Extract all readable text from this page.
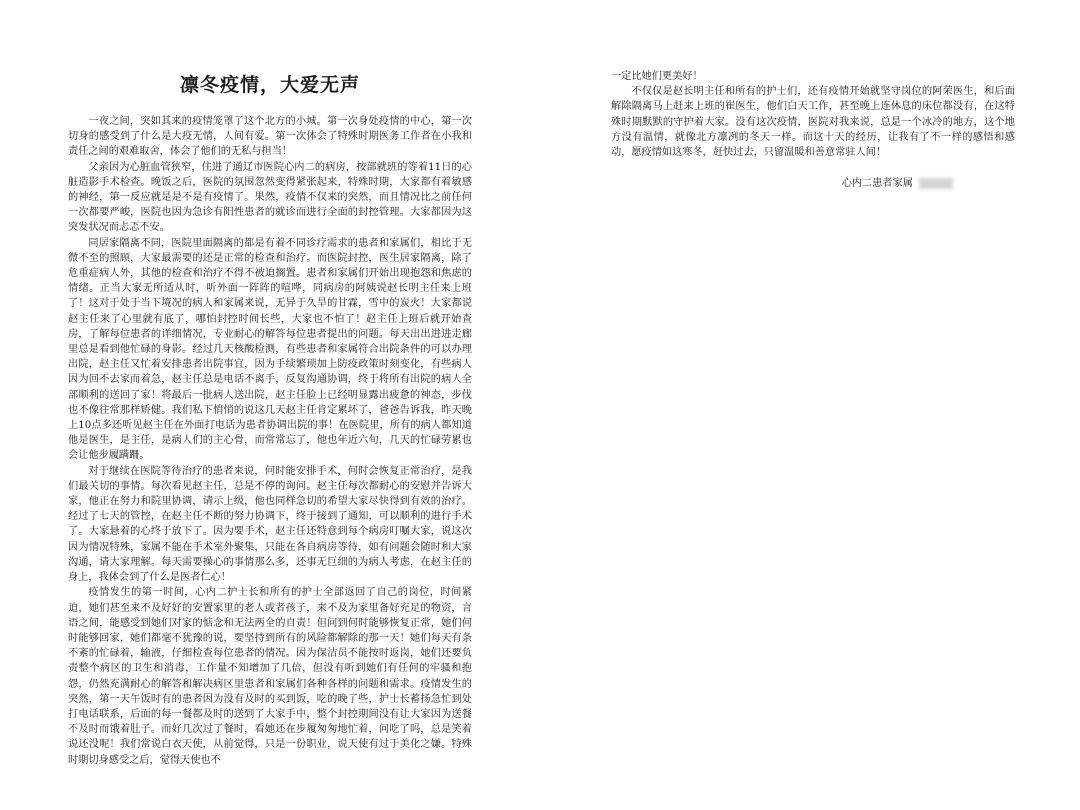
凛冬疫情，大爱无声

一夜之间，突如其来的疫情笼罩了这个北方的小城。第一次身处疫情的中心，第一次切身的感受到了什么是大疫无情，人间有爱。第一次体会了特殊时期医务工作者在小我和责任之间的艰难取舍，体会了他们的无私与担当！

父亲因为心脏血管狭窄，住进了通辽市医院心内二的病房，按部就班的等着11日的心脏造影手术检查。晚饭之后，医院的氛围忽然变得紧张起来，特殊时期，大家都有着敏感的神经，第一反应就是是不是有疫情了。果然，疫情不仅来的突然，而且情况比之前任何一次都要严峻，医院也因为急诊有阳性患者的就诊而进行全面的封控管理。大家都因为这突发状况而忐忑不安。

同居家隔离不同，医院里面隔离的都是有着不同诊疗需求的患者和家属们，相比于无微不至的照顾，大家最需要的还是正常的检查和治疗。而医院封控，医生居家隔离，除了危重症病人外，其他的检查和治疗不得不被迫搁置。患者和家属们开始出现抱怨和焦虑的情绪。正当大家无所适从时，听外面一阵阵的喧哗，同病房的阿姨说赵长明主任来上班了！这对于处于当下境况的病人和家属来说，无异于久旱的甘霖，雪中的炭火！大家都说赵主任来了心里就有底了，哪怕封控时间长些，大家也不怕了！赵主任上班后就开始查房，了解每位患者的详细情况，专业耐心的解答每位患者提出的问题。每天出出进进走廊里总是看到他忙碌的身影。经过几天核酸检测，有些患者和家属符合出院条件的可以办理出院，赵主任又忙着安排患者出院事宜，因为手续繁琐加上防疫政策时刻变化，有些病人因为回不去家而着急，赵主任总是电话不离手，反复沟通协调，终于将所有出院的病人全部顺利的送回了家！将最后一批病人送出院，赵主任脸上已经明显露出疲惫的神态，步伐也不像往常那样矫健。我们私下悄悄的说这几天赵主任肯定累坏了，爸爸告诉我，昨天晚上10点多还听见赵主任在外面打电话为患者协调出院的事！在医院里，所有的病人都知道他是医生，是主任，是病人们的主心骨，而常常忘了，他也年近六旬，几天的忙碌劳累也会让他步履蹒跚。

对于继续在医院等待治疗的患者来说，何时能安排手术，何时会恢复正常治疗，是我们最关切的事情。每次看见赵主任，总是不停的询问。赵主任每次都耐心的安慰并告诉大家，他正在努力和院里协调，请示上级，他也同样急切的希望大家尽快得到有效的治疗。经过了七天的管控，在赵主任不断的努力协调下，终于接到了通知，可以顺利的进行手术了。大家悬着的心终于放下了。因为要手术，赵主任还特意到每个病房叮嘱大家，说这次因为情况特殊，家属不能在手术室外聚集，只能在各自病房等待，如有问题会随时和大家沟通，请大家理解。每天需要操心的事情那么多，还事无巨细的为病人考虑，在赵主任的身上，我体会到了什么是医者仁心！

疫情发生的第一时间，心内二护士长和所有的护士全部返回了自己的岗位，时间紧迫，她们甚至来不及好好的安置家里的老人或者孩子，来不及为家里备好充足的物资，言语之间，能感受到她们对家的惦念和无法两全的自责！但问到何时能够恢复正常，她们何时能够回家，她们都毫不犹豫的说，要坚持到所有的风险都解除的那一天！她们每天有条不紊的忙碌着，输液，仔细检查每位患者的情况。因为保洁员不能按时返岗，她们还要负责整个病区的卫生和消毒，工作量不知增加了几倍，但没有听到她们有任何的牢骚和抱怨，仍然充满耐心的解答和解决病区里患者和家属们各种各样的问题和需求。疫情发生的突然，第一天午饭时有的患者因为没有及时的买到饭，吃的晚了些，护士长蓄扬急忙到处打电话联系，后面的每一餐都及时的送到了大家手中，整个封控期间没有让大家因为送餐不及时而饿着肚子。而好几次过了餐时，看她还在步履匆匆地忙着，问吃了吗，总是笑着说还没呢！我们常说白衣天使，从前觉得，只是一份职业，说天使有过于美化之嫌。特殊时期切身感受之后，觉得天使也不

一定比她们更美好！

不仅仅是赵长明主任和所有的护士们，还有疫情开始就坚守岗位的阿荣医生，和后面解除隔离马上赶来上班的崔医生，他们白天工作，甚至晚上连休息的床位都没有，在这特殊时期默默的守护着大家。没有这次疫情，医院对我来说，总是一个冰冷的地方，这个地方没有温情，就像北方凛冽的冬天一样。而这十天的经历，让我有了不一样的感悟和感动，愿疫情如这寒冬，赶快过去，只留温暖和善意常驻人间！

心内二患者家属
